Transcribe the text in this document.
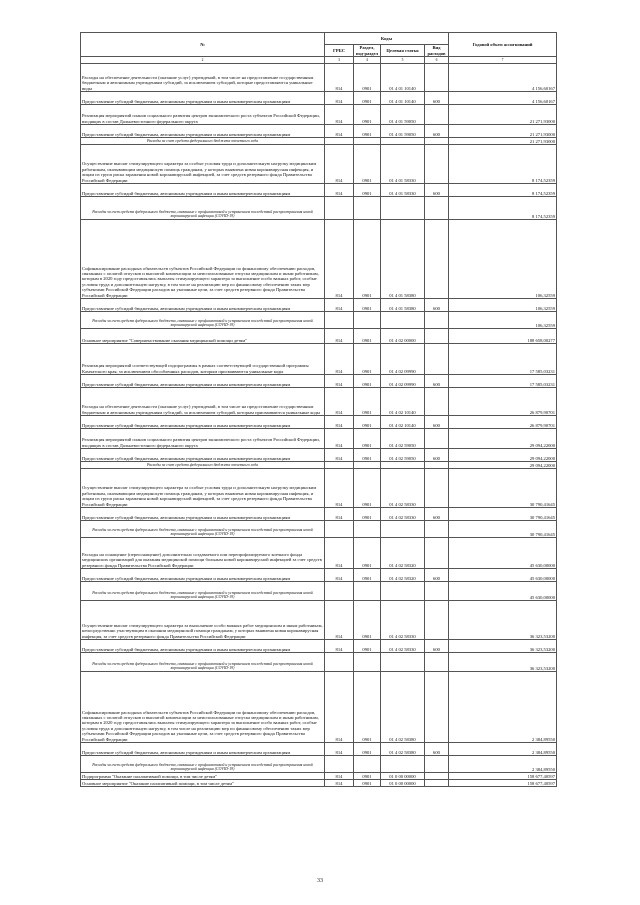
№	Коды				Годовой объем ассигнований
	ГРБС	Раздел, под-раздел	Целевая статья	Вид расходов	
2	3	4	5	6	7
Расходы на обеспечение деятельности (оказание услуг) учреждений, в том числе на предоставление государственным бюджетным и автономным учреждениям субсидий, за исключением субсидий, которые предоставляются уникальные виды	814	0901	01 4 01 10140		4 156,60167
Предоставление субсидий бюджетным, автономным учреждениям и иным некоммерческим организациям	814	0901	01 4 01 10140	600	4 156,60167
Реализация мероприятий планов социального развития центров экономического роста субъектов Российской Федерации, входящих в состав Дальневосточного федерального округа	814	0901	01 4 01 59050		21 271,93000
Предоставление субсидий бюджетным, автономным учреждениям и иным некоммерческим организациям	814	0901	01 4 01 59050	600	21 271,93000
Расходы за счет средств федерального бюджета отчетного года					21 271,93000
Осуществление выплат стимулирующего характера за особые условия труда и дополнительную нагрузку медицинским работникам, оказывающим медицинскую помощь гражданам, у которых выявлена новая коронавирусная инфекция, и лицам из групп риска заражения новой коронавирусной инфекцией, за счет средств резервного фонда Правительства Российской Федерации	814	0901	01 4 01 58330		8 174,52359
Предоставление субсидий бюджетным, автономным учреждениям и иным некоммерческим организациям	814	0901	01 4 01 58330	600	8 174,52359
Расходы за счет средств федерального бюджета, связанные с профилактикой и устранением последствий распространения новой коронавирусной инфекции (COVID-19)					8 174,52359
Софинансирование расходных обязательств субъектов Российской Федерации по финансовому обеспечению расходов, связанных с оплатой отпусков и выплатой компенсации за неиспользованные отпуска медицинским и иным работникам, которым в 2020 году предоставлялись выплаты стимулирующего характера за выполнение особо важных работ, особые условия труда и дополнительную нагрузку, в том числе на реализацию мер по финансовому обеспечению таких мер субъектами Российской Федерации расходов на указанные цели, за счет средств резервного фонда Правительства Российской Федерации	814	0901	01 4 01 58380		106,32559
Предоставление субсидий бюджетным, автономным учреждениям и иным некоммерческим организациям	814	0901	01 4 01 58380	600	106,32559
Расходы за счет средств федерального бюджета, связанные с профилактикой и устранением последствий распространения новой коронавирусной инфекции (COVID-19)					106,32559
Основное мероприятие "Совершенствование оказания медицинской помощи детям"	814	0901	01 4 02 00000		188 658,00277
Реализация мероприятий соответствующей подпрограммы в рамках соответствующей государственной программы Камчатского края, за исключением обособленных расходов, которым присваиваются уникальные коды	814	0901	01 4 02 09990		17 585,03231
Предоставление субсидий бюджетным, автономным учреждениям и иным некоммерческим организациям	814	0901	01 4 02 09990	600	17 585,03231
Расходы на обеспечение деятельности (оказание услуг) учреждений, в том числе на предоставление государственным бюджетным и автономным учреждениям субсидий, за исключением субсидий, которым присваиваются уникальные коды	814	0901	01 4 02 10140		26 879,90701
Предоставление субсидий бюджетным, автономным учреждениям и иным некоммерческим организациям	814	0901	01 4 02 10140	600	26 879,90701
Реализация мероприятий планов социального развития центров экономического роста субъектов Российской Федерации, входящих в состав Дальневосточного федерального округа	814	0901	01 4 02 59050		29 094,22000
Предоставление субсидий бюджетным, автономным учреждениям и иным некоммерческим организациям	814	0901	01 4 02 59050	600	29 094,22000
Расходы за счет средств федерального бюджета отчетного года					29 094,22000
Осуществление выплат стимулирующего характера за особые условия труда и дополнительную нагрузку медицинским работникам, оказывающим медицинскую помощь гражданам, у которых выявлена новая коронавирусная инфекция, и лицам из групп риска заражения новой коронавирусной инфекцией, за счет средств резервного фонда Правительства Российской Федерации	814	0901	01 4 02 58330		30 790,41645
Предоставление субсидий бюджетным, автономным учреждениям и иным некоммерческим организациям	814	0901	01 4 02 58330	600	30 790,41645
Расходы за счет средств федерального бюджета, связанные с профилактикой и устранением последствий распространения новой коронавирусной инфекции (COVID-19)					30 790,41645
Расходы на оснащение (переоснащение) дополнительно создаваемого или перепрофилируемого коечного фонда медицинских организаций для оказания медицинской помощи больным новой коронавирусной инфекцией за счет средств резервного фонда Правительства Российской Федерации	814	0901	01 4 02 58320		45 630,00000
Предоставление субсидий бюджетным, автономным учреждениям и иным некоммерческим организациям	814	0901	01 4 02 58320	600	45 630,00000
Расходы за счет средств федерального бюджета, связанные с профилактикой и устранением последствий распространения новой коронавирусной инфекции (COVID-19)					45 630,00000
Осуществление выплат стимулирующего характера за выполнение особо важных работ медицинским и иным работникам, непосредственно участвующим в оказании медицинской помощи гражданам, у которых выявлена новая коронавирусная инфекция, за счет средств резервного фонда Правительства Российской Федерации	814	0901	01 4 02 58330		36 323,53200
Предоставление субсидий бюджетным, автономным учреждениям и иным некоммерческим организациям	814	0901	01 4 02 58330	600	36 323,53200
Расходы за счет средств федерального бюджета, связанные с профилактикой и устранением последствий распространения новой коронавирусной инфекции (COVID-19)					36 323,53200
Софинансирование расходных обязательств субъектов Российской Федерации по финансовому обеспечению расходов, связанных с оплатой отпусков и выплатой компенсации за неиспользованные отпуска медицинским и иным работникам, которым в 2020 году предоставлялись выплаты стимулирующего характера за выполнение особо важных работ, особые условия труда и дополнительную нагрузку, в том числе на реализацию мер по финансовому обеспечению таких мер субъектами Российской Федерации расходов на указанные цели, за счет средств резервного фонда Правительства Российской Федерации	814	0901	01 4 02 58380		2 384,89550
Предоставление субсидий бюджетным, автономным учреждениям и иным некоммерческим организациям	814	0901	01 4 02 58380	600	2 384,89550
Расходы за счет средств федерального бюджета, связанные с профилактикой и устранением последствий распространения новой коронавирусной инфекции (COVID-19)					2 384,89550
Подпрограмма "Оказание паллиативной помощи, в том числе детям"	814	0901	01 0 00 00000		158 677,40597
Основное мероприятие "Оказание паллиативной помощи, в том числе детям"	814	0901	01 0 00 00000		158 677,40597
33
